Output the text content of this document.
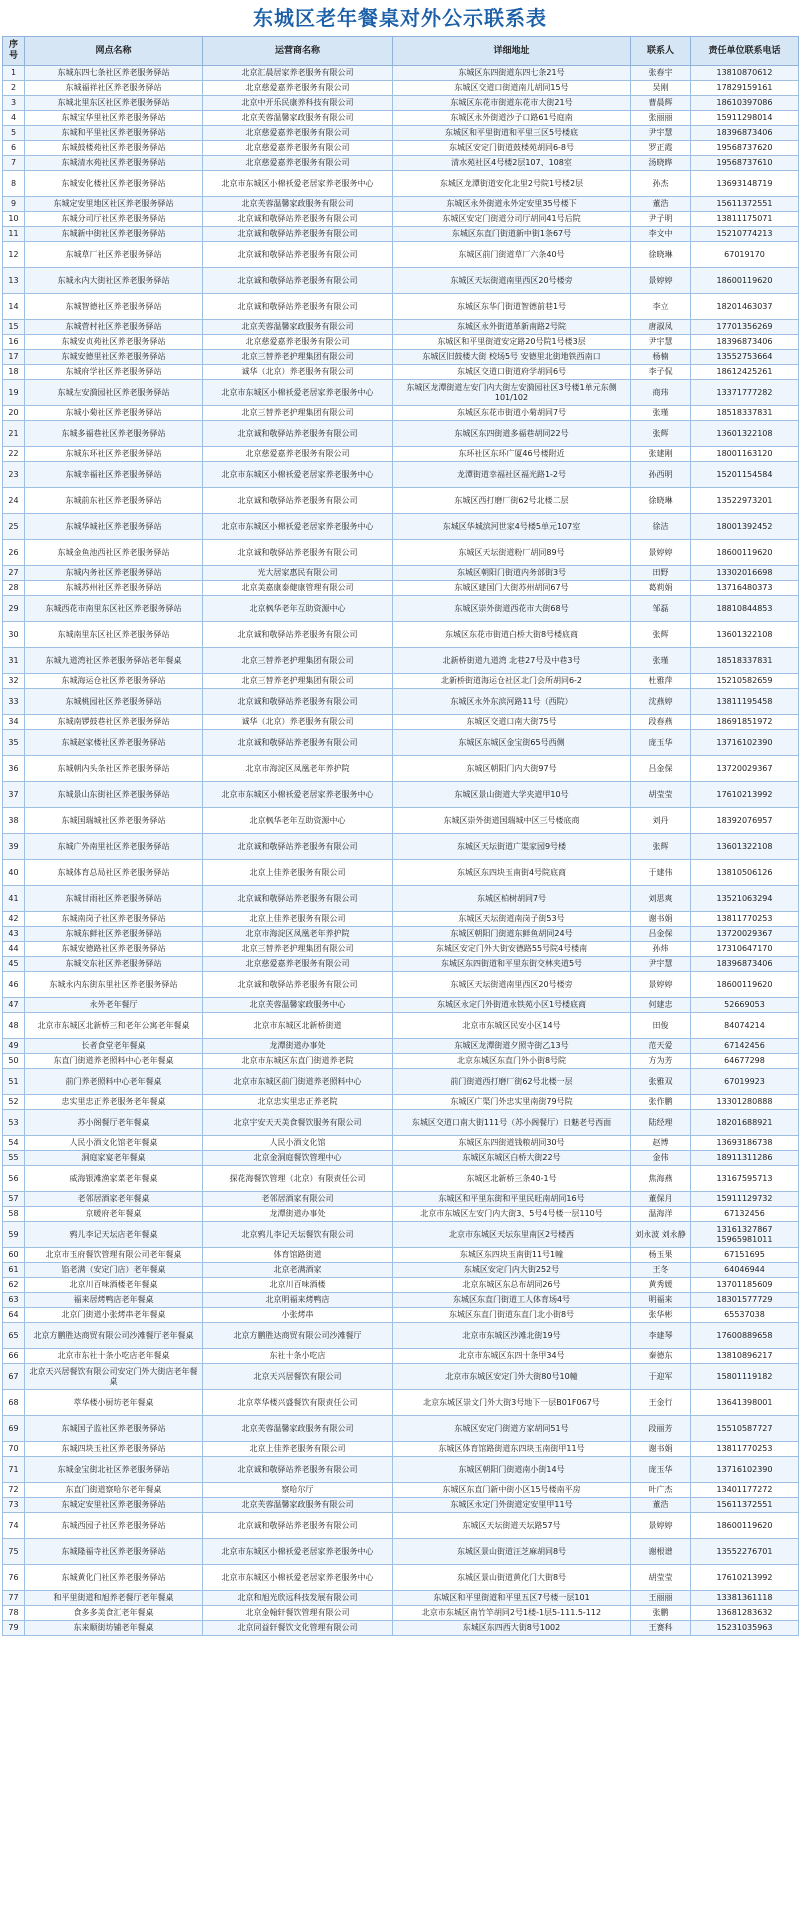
东城区老年餐桌对外公示联系表
序号	网点名称	运营商名称	详细地址	联系人	责任单位联系电话
1	东城东四七条社区养老服务驿站	北京汇晨居家养老服务有限公司	东城区东四街道东四七条21号	张春宇	13810870612
2	东城福祥社区养老服务驿站	北京慈爱嘉养老服务有限公司	东城区交道口街道南儿胡同15号	吴刚	17829159161
3	东城北里东区社区养老服务驿站	北京中开乐民康养科技有限公司	东城区东花市街道东花市大街21号	曹晨辉	18610397086
4	东城宝华里社区养老服务驿站	北京芙蓉温馨家政服务有限公司	东城区永外街道沙子口路61号庭南	张丽丽	15911298014
5	东城和平里社区养老服务驿站	北京慈爱嘉养老服务有限公司	东城区和平里街道和平里三区5号楼底	尹宇慧	18396873406
6	东城鼓楼苑社区养老服务驿站	北京慈爱嘉养老服务有限公司	东城区安定门街道鼓楼苑胡同6-8号	罗正霞	19568737620
7	东城清水苑社区养老服务驿站	北京慈爱嘉养老服务有限公司	清水苑社区4号楼2层107、108室	汤晓晔	19568737610
8	东城安化楼社区养老服务驿站	北京市东城区小棉袄爱老居家养老服务中心	东城区龙潭街道安化北里2号院1号楼2层	孙杰	13693148719
9	东城定安里地区社区养老服务驿站	北京芙蓉温馨家政服务有限公司	东城区永外街道永外定安里35号楼下	董浩	15611372551
10	东城分司厅社区养老服务驿站	北京诚和敬驿站养老服务有限公司	东城区安定门街道分司厅胡同41号后院	尹子明	13811175071
11	东城新中街社区养老服务驿站	北京诚和敬驿站养老服务有限公司	东城区东直门街道新中街1条67号	李文中	15210774213
12	东城草厂社区养老服务驿站	北京诚和敬驿站养老服务有限公司	东城区前门街道草厂六条40号	徐晓琳	67019170
13	东城永内大街社区养老服务驿站	北京诚和敬驿站养老服务有限公司	东城区天坛街道南里西区20号楼旁	景婷婷	18600119620
14	东城智德社区养老服务驿站	北京诚和敬驿站养老服务有限公司	东城区东华门街道智德前巷1号	李立	18201463037
15	东城菅村社区养老服务驿站	北京芙蓉温馨家政服务有限公司	东城区永外街道革新南路2号院	唐淑凤	17701356269
16	东城安贞苑社区养老服务驿站	北京慈爱嘉养老服务有限公司	东城区和平里街道安定路20号院1号楼3层	尹宇慧	18396873406
17	东城安德里社区养老服务驿站	北京三替养老护理集团有限公司	东城区旧鼓楼大街 校场5号 安德里北街地铁西南口	杨楠	13552753664
18	东城府学社区养老服务驿站	诚华（北京）养老服务有限公司	东城区交道口街道府学胡同6号	李子侃	18612425261
19	东城左安漪园社区养老服务驿站	北京市东城区小棉袄爱老居家养老服务中心	东城区龙潭街道左安门内大街左安漪园社区3号楼1单元东侧101/102	商玮	13371777282
20	东城小菊社区养老服务驿站	北京三替养老护理集团有限公司	东城区东花市街道小菊胡同7号	张瑾	18518337831
21	东城多福巷社区养老服务驿站	北京诚和敬驿站养老服务有限公司	东城区东四街道多福巷胡同22号	张辉	13601322108
22	东城东环社区养老服务驿站	北京慈爱嘉养老服务有限公司	东环社区东环广厦46号楼附近	张建刚	18001163120
23	东城幸福社区养老服务驿站	北京市东城区小棉袄爱老居家养老服务中心	龙潭街道幸福社区福光路1-2号	孙西明	15201154584
24	东城前东社区养老服务驿站	北京诚和敬驿站养老服务有限公司	东城区西打磨厂街62号北楼二层	徐晓琳	13522973201
25	东城华城社区养老服务驿站	北京市东城区小棉袄爱老居家养老服务中心	东城区华城滨河世家4号楼5单元107室	徐洁	18001392452
26	东城金鱼池西社区养老服务驿站	北京诚和敬驿站养老服务有限公司	东城区天坛街道粉厂胡同89号	景婷婷	18600119620
27	东城内务社区养老服务驿站	光大居家惠民有限公司	东城区朝阳门街道内务部街3号	田野	13302016698
28	东城苏州社区养老服务驿站	北京美嘉康泰健康管理有限公司	东城区建国门大街苏州胡同67号	葛莉娟	13716480373
29	东城西花市南里东区社区养老服务驿站	北京枫华老年互助资源中心	东城区崇外街道西花市大街68号	邹磊	18810844853
30	东城南里东区社区养老服务驿站	北京诚和敬驿站养老服务有限公司	东城区东花市街道白桥大街8号楼底商	张辉	13601322108
31	东城九道湾社区养老服务驿站老年餐桌	北京三替养老护理集团有限公司	北新桥街道九道湾 北巷27号及中巷3号	张瑾	18518337831
32	东城海运仓社区养老服务驿站	北京三替养老护理集团有限公司	北新桥街道海运仓社区北门会所胡同6-2	杜雅萍	15210582659
33	东城桃园社区养老服务驿站	北京诚和敬驿站养老服务有限公司	东城区永外东滨河路11号（西院）	沈燕婷	13811195458
34	东城南锣鼓巷社区养老服务驿站	诚华（北京）养老服务有限公司	东城区交道口南大街75号	段春燕	18691851972
35	东城赵家楼社区养老服务驿站	北京诚和敬驿站养老服务有限公司	东城区东城区金宝街65号西侧	庞玉华	13716102390
36	东城朝内头条社区养老服务驿站	北京市海淀区凤凰老年养护院	东城区朝阳门内大街97号	吕金保	13720029367
37	东城景山东街社区养老服务驿站	北京市东城区小棉袄爱老居家养老服务中心	东城区景山街道大学夹道甲10号	胡莹莹	17610213992
38	东城国瑞城社区养老服务驿站	北京枫华老年互助资源中心	东城区崇外街道国瑞城中区三号楼底商	刘丹	18392076957
39	东城广外南里社区养老服务驿站	北京诚和敬驿站养老服务有限公司	东城区天坛街道广渠家园9号楼	张辉	13601322108
40	东城体育总局社区养老服务驿站	北京上佳养老服务有限公司	东城区东四块玉南街4号院底商	于建伟	13810506126
41	东城甘雨社区养老服务驿站	北京诚和敬驿站养老服务有限公司	东城区柏树胡同7号	刘思爽	13521063294
42	东城南岗子社区养老服务驿站	北京上佳养老服务有限公司	东城区天坛街道南岗子街53号	谢书娟	13811770253
43	东城东鲜社区养老服务驿站	北京市海淀区凤凰老年养护院	东城区朝阳门街道东鲜鱼胡同24号	吕金保	13720029367
44	东城安德路社区养老服务驿站	北京三替养老护理集团有限公司	东城区安定门外大街安德路55号院4号楼南	孙炜	17310647170
45	东城交东社区养老服务驿站	北京慈爱嘉养老服务有限公司	东城区东四街道和平里东街交林夹道5号	尹宇慧	18396873406
46	东城永内东街东里社区养老服务驿站	北京诚和敬驿站养老服务有限公司	东城区天坛街道南里西区20号楼旁	景婷婷	18600119620
47	永外老年餐厅	北京芙蓉温馨家政服务中心	东城区永定门外街道永铁苑小区1号楼底商	何建忠	52669053
48	北京市东城区北新桥三和老年公寓老年餐桌	北京市东城区北新桥街道	北京市东城区民安小区14号	田俊	84074214
49	长者食堂老年餐桌	龙潭街道办事处	东城区龙潭街道夕照寺街乙13号	范天爱	67142456
50	东直门街道养老照料中心老年餐桌	北京市东城区东直门街道养老院	北京东城区东直门外小街8号院	方为芳	64677298
51	前门养老照料中心老年餐桌	北京市东城区前门街道养老照料中心	前门街道西打磨厂街62号北楼一层	张雅双	67019923
52	忠实里忠正养老服务老年餐桌	北京忠实里忠正养老院	东城区广渠门外忠实里南街79号院	张作鹏	13301280888
53	苏小阁餐厅老年餐桌	北京宇安天天美食餐饮服务有限公司	东城区交道口南大街111号（苏小阁餐厅）日魅老号西面	陆经理	18201688921
54	人民小酒文化馆老年餐桌	人民小酒文化馆	东城区东四街道钱粮胡同30号	赵博	13693186738
55	洞庭家宴老年餐桌	北京金洞庭餐饮管理中心	东城区东城区白桥大街22号	金伟	18911311286
56	威海银滩渔家菜老年餐桌	探花海餐饮管理（北京）有限责任公司	东城区北新桥三条40-1号	焦海燕	13167595713
57	老邻居酒家老年餐桌	老邻居酒家有限公司	东城区和平里东街和平里民旺南胡同16号	董保月	15911129732
58	京暖府老年餐桌	龙潭街道办事处	北京市东城区左安门内大街3、5号4号楼一层110号	温海洋	67132456
59	鸦儿李记天坛店老年餐桌	北京鸦儿李记天坛餐饮有限公司	北京市东城区天坛东里南区2号楼西	刘永波 刘永静	13161327867 15965981011
60	北京市玉府餐饮管理有限公司老年餐桌	体育馆路街道	东城区东四块玉南街11号1幢	杨玉果	67151695
61	馅老满（安定门店）老年餐桌	北京老满酒家	东城区安定门内大街252号	王冬	64046944
62	北京川百味酒楼老年餐桌	北京川百味酒楼	北京东城区东总布胡同26号	黄秀媛	13701185609
63	福来居烤鸭店老年餐桌	北京明福来烤鸭店	东城区东直门街道工人体育场4号	明福来	18301577729
64	北京门街道小张烤串老年餐桌	小张烤串	东城区东直门街道东直门北小街8号	张华彬	65537038
65	北京方鹏胜达商贸有限公司沙滩餐厅老年餐桌	北京方鹏胜达商贸有限公司沙滩餐厅	北京市东城区沙滩北街19号	李建琴	17600889658
66	北京市东社十条小吃店老年餐桌	东社十条小吃店	北京市东城区东四十条甲34号	秦德东	13810896217
67	北京天兴居餐饮有限公司安定门外大街店老年餐桌	北京天兴居餐饮有限公司	北京市东城区安定门外大街80号10幢	于迎军	15801119182
68	萃华楼小厨坊老年餐桌	北京萃华楼兴盛餐饮有限责任公司	北京东城区崇文门外大街3号地下一层B01F067号	王金行	13641398001
69	东城国子监社区养老服务驿站	北京芙蓉温馨家政服务有限公司	东城区安定门街道方家胡同51号	段丽芳	15510587727
70	东城四块玉社区养老服务驿站	北京上佳养老服务有限公司	东城区体育馆路街道东四块玉南街甲11号	谢书娟	13811770253
71	东城金宝街北社区养老服务驿站	北京诚和敬驿站养老服务有限公司	东城区朝阳门街道南小街14号	庞玉华	13716102390
72	东直门街道察哈尔老年餐桌	察哈尔厅	东城区东直门新中街小区15号楼南平房	叶广杰	13401177272
73	东城定安里社区养老服务驿站	北京芙蓉温馨家政服务有限公司	东城区永定门外街道定安里甲11号	董浩	15611372551
74	东城西园子社区养老服务驿站	北京诚和敬驿站养老服务有限公司	东城区天坛街道天坛路57号	景婷婷	18600119620
75	东城隆福寺社区养老服务驿站	北京市东城区小棉袄爱老居家养老服务中心	东城区景山街道汪芝麻胡同8号	谢根谱	13552276701
76	东城黄化门社区养老服务驿站	北京市东城区小棉袄爱老居家养老服务中心	东城区景山街道黄化门大街8号	胡莹莹	17610213992
77	和平里街道和旭养老餐厅老年餐桌	北京和旭光欣远科技发展有限公司	东城区和平里街道和平里五区7号楼一层101	王丽丽	13381361118
78	食多多美食汇老年餐桌	北京金翰轩餐饮管理有限公司	北京市东城区南竹竿胡同2号1楼-1层5-111.5-112	张鹏	13681283632
79	东来顺街坊铺老年餐桌	北京同益轩餐饮文化管理有限公司	东城区东四西大街8号1002	王赛科	15231035963
